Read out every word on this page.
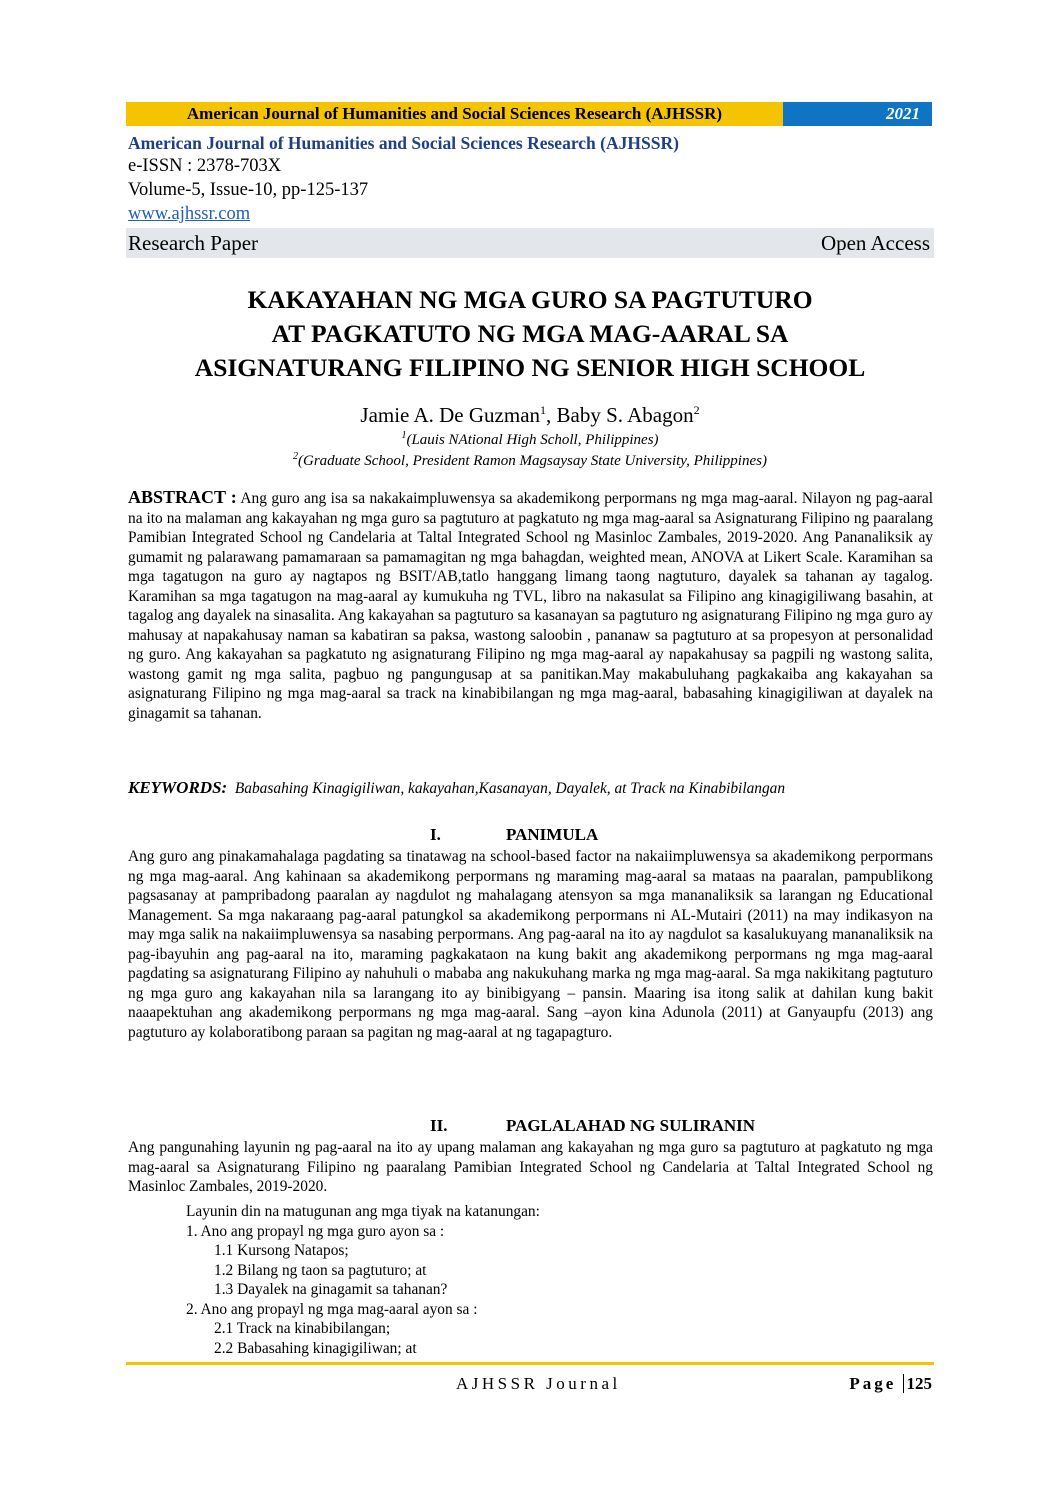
American Journal of Humanities and Social Sciences Research (AJHSSR)	2021
American Journal of Humanities and Social Sciences Research (AJHSSR)
e-ISSN : 2378-703X
Volume-5, Issue-10, pp-125-137
www.ajhssr.com
Research Paper	Open Access
KAKAYAHAN NG MGA GURO SA PAGTUTURO
AT PAGKATUTO NG MGA MAG-AARAL SA
ASIGNATURANG FILIPINO NG SENIOR HIGH SCHOOL
Jamie A. De Guzman$^1$, Baby S. Abagon$^2$
$^1$(Lauis NAtional High Scholl, Philippines)
$^2$(Graduate School, President Ramon Magsaysay State University, Philippines)
ABSTRACT : Ang guro ang isa sa nakakaimpluwensya sa akademikong perpormans ng mga mag-aaral. Nilayon ng pag-aaral na ito na malaman ang kakayahan ng mga guro sa pagtuturo at pagkatuto ng mga mag-aaral sa Asignaturang Filipino ng paaralang Pamibian Integrated School ng Candelaria at Taltal Integrated School ng Masinloc Zambales, 2019-2020. Ang Pananaliksik ay gumamit ng palarawang pamamaraan sa pamamagitan ng mga bahagdan, weighted mean, ANOVA at Likert Scale. Karamihan sa mga tagatugon na guro ay nagtapos ng BSIT/AB,tatlo hanggang limang taong nagtuturo, dayalek sa tahanan ay tagalog. Karamihan sa mga tagatugon na mag-aaral ay kumukuha ng TVL, libro na nakasulat sa Filipino ang kinagigiliwang basahin, at tagalog ang dayalek na sinasalita. Ang kakayahan sa pagtuturo sa kasanayan sa pagtuturo ng asignaturang Filipino ng mga guro ay mahusay at napakahusay naman sa kabatiran sa paksa, wastong saloobin , pananaw sa pagtuturo at sa propesyon at personalidad ng guro. Ang kakayahan sa pagkatuto ng asignaturang Filipino ng mga mag-aaral ay napakahusay sa pagpili ng wastong salita, wastong gamit ng mga salita, pagbuo ng pangungusap at sa panitikan.May makabuluhang pagkakaiba ang kakayahan sa asignaturang Filipino ng mga mag-aaral sa track na kinabibilangan ng mga mag-aaral, babasahing kinagigiliwan at dayalek na ginagamit sa tahanan.
KEYWORDS: Babasahing Kinagigiliwan, kakayahan,Kasanayan, Dayalek, at Track na Kinabibilangan
I.	PANIMULA
Ang guro ang pinakamahalaga pagdating sa tinatawag na school-based factor na nakaiimpluwensya sa akademikong perpormans ng mga mag-aaral. Ang kahinaan sa akademikong perpormans ng maraming mag-aaral sa mataas na paaralan, pampublikong pagsasanay at pampribadong paaralan ay nagdulot ng mahalagang atensyon sa mga mananaliksik sa larangan ng Educational Management. Sa mga nakaraang pag-aaral patungkol sa akademikong perpormans ni AL-Mutairi (2011) na may indikasyon na may mga salik na nakaiimpluwensya sa nasabing perpormans. Ang pag-aaral na ito ay nagdulot sa kasalukuyang mananaliksik na pag-ibayuhin ang pag-aaral na ito, maraming pagkakataon na kung bakit ang akademikong perpormans ng mga mag-aaral pagdating sa asignaturang Filipino ay nahuhuli o mababa ang nakukuhang marka ng mga mag-aaral. Sa mga nakikitang pagtuturo ng mga guro ang kakayahan nila sa larangang ito ay binibigyang – pansin. Maaring isa itong salik at dahilan kung bakit naaapektuhan ang akademikong perpormans ng mga mag-aaral. Sang –ayon kina Adunola (2011) at Ganyaupfu (2013) ang pagtuturo ay kolaboratibong paraan sa pagitan ng mag-aaral at ng tagapagturo.
II.	PAGLALAHAD NG SULIRANIN
Ang pangunahing layunin ng pag-aaral na ito ay upang malaman ang kakayahan ng mga guro sa pagtuturo at pagkatuto ng mga mag-aaral sa Asignaturang Filipino ng paaralang Pamibian Integrated School ng Candelaria at Taltal Integrated School ng Masinloc Zambales, 2019-2020.
Layunin din na matugunan ang mga tiyak na katanungan:
1. Ano ang propayl ng mga guro ayon sa :
1.1 Kursong Natapos;
1.2 Bilang ng taon sa pagtuturo; at
1.3 Dayalek na ginagamit sa tahanan?
2. Ano ang propayl ng mga mag-aaral ayon sa :
2.1 Track na kinabibilangan;
2.2 Babasahing kinagigiliwan; at
AJHSSR Journal	Page 125
